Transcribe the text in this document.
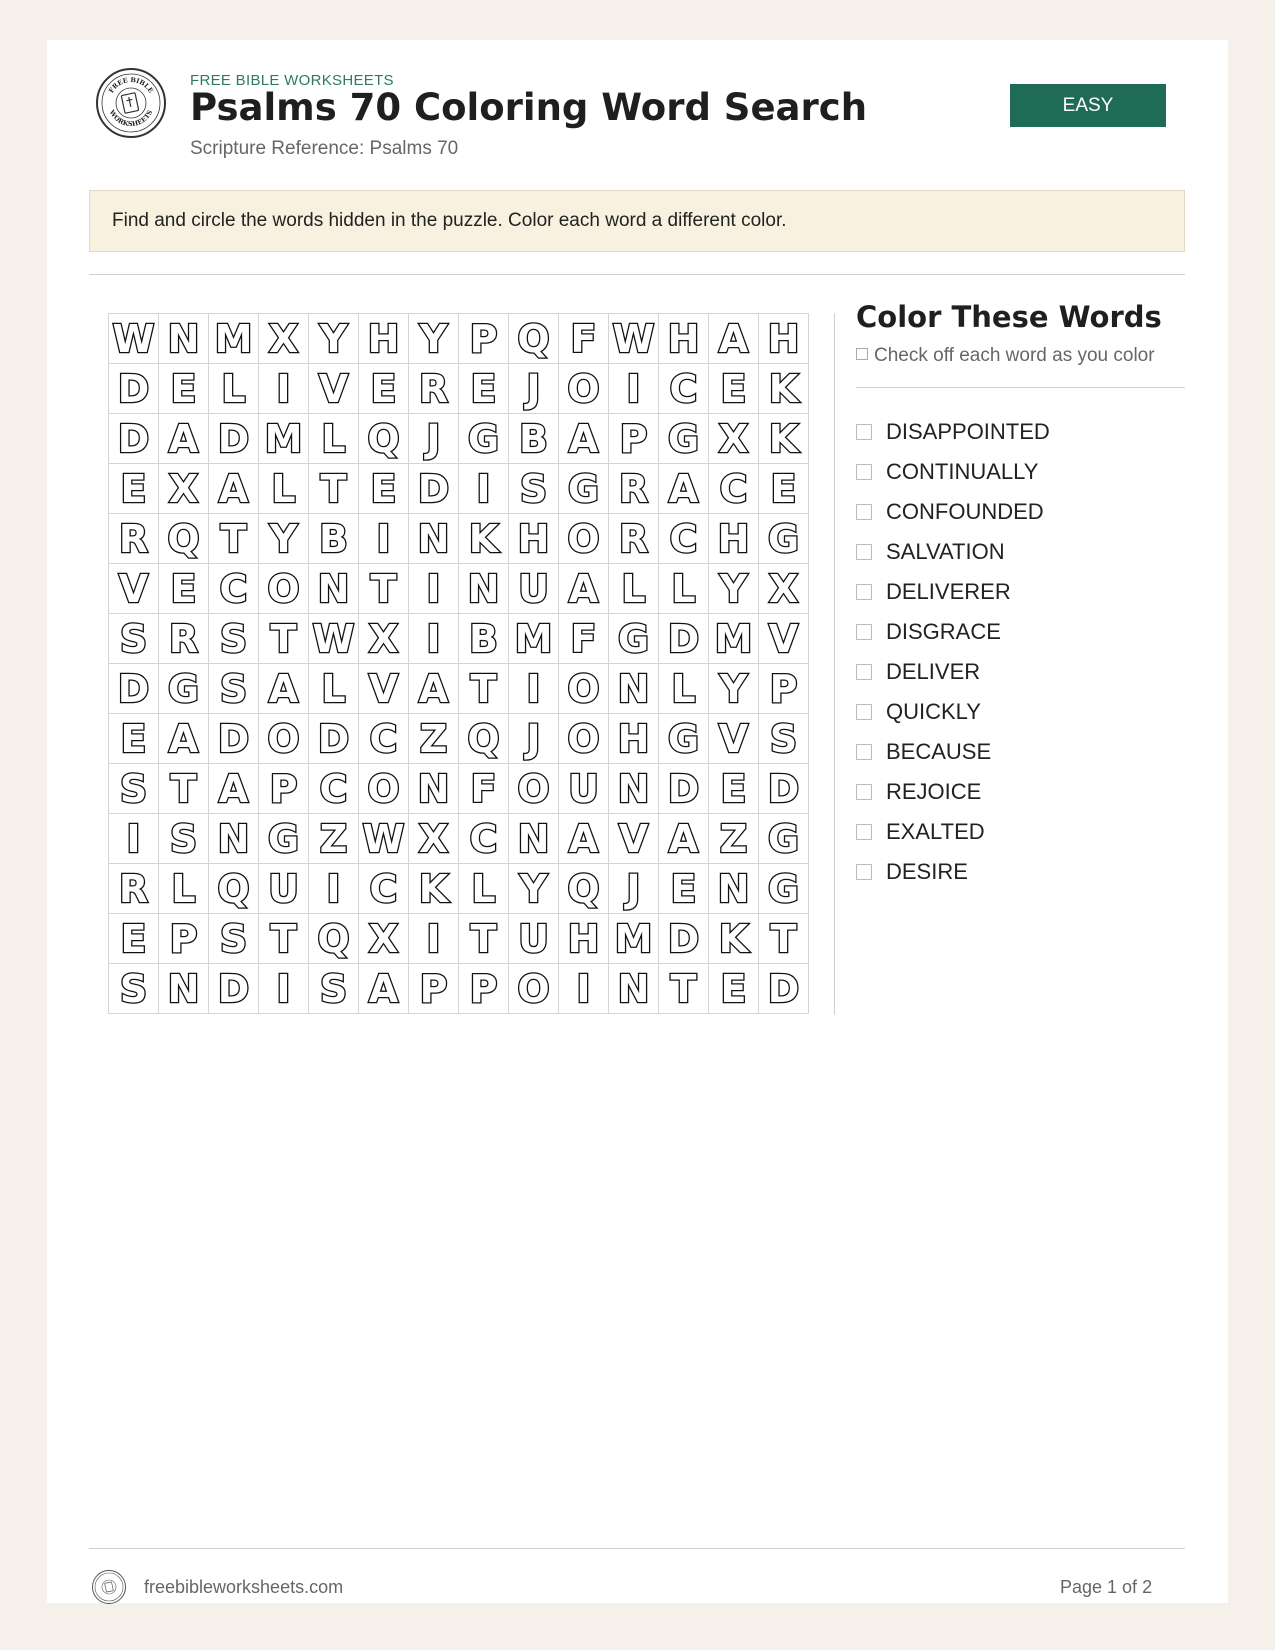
FREE BIBLE
WORKSHEETS
FREE BIBLE WORKSHEETS
Psalms 70 Coloring Word Search
Scripture Reference: Psalms 70
EASY
Find and circle the words hidden in the puzzle. Color each word a different color.
W N M X Y H Y P Q F W H A H
D E L I V E R E J O I C E K
D A D M L Q J G B A P G X K
E X A L T E D I S G R A C E
R Q T Y B I N K H O R C H G
V E C O N T I N U A L L Y X
S R S T W X I B M F G D M V
D G S A L V A T I O N L Y P
E A D O D C Z Q J O H G V S
S T A P C O N F O U N D E D
I S N G Z W X C N A V A Z G
R L Q U I C K L Y Q J E N G
E P S T Q X I T U H M D K T
S N D I S A P P O I N T E D
Color These Words
Check off each word as you color
DISAPPOINTED
CONTINUALLY
CONFOUNDED
SALVATION
DELIVERER
DISGRACE
DELIVER
QUICKLY
BECAUSE
REJOICE
EXALTED
DESIRE
freebibleworksheets.com	Page 1 of 2
